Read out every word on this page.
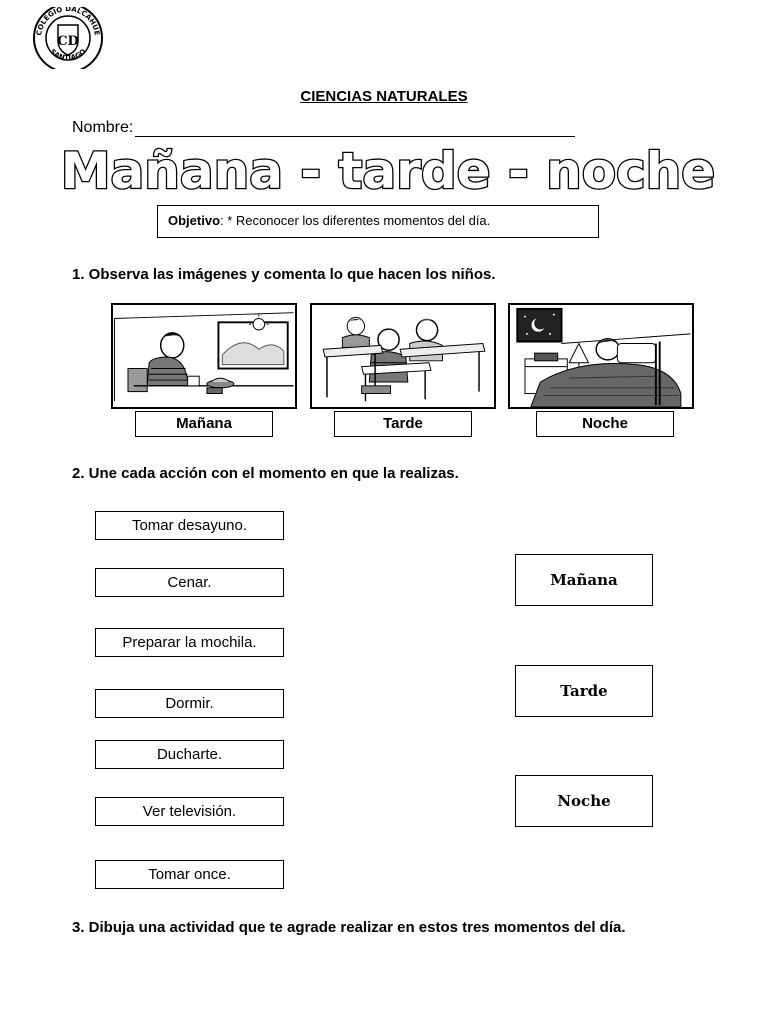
COLEGIO DALCAHUE
SANTIAGO
CD
CIENCIAS NATURALES
Nombre:
Mañana - tarde - noche
Objetivo: * Reconocer los diferentes momentos del día.
1. Observa las imágenes y comenta lo que hacen los niños.
Mañana	Tarde	Noche
2. Une cada acción con el momento en que la realizas.
Tomar desayuno.
Cenar.
Preparar la mochila.
Dormir.
Ducharte.
Ver televisión.
Tomar once.
Mañana
Tarde
Noche
3. Dibuja una actividad que te agrade realizar en estos tres momentos del día.
